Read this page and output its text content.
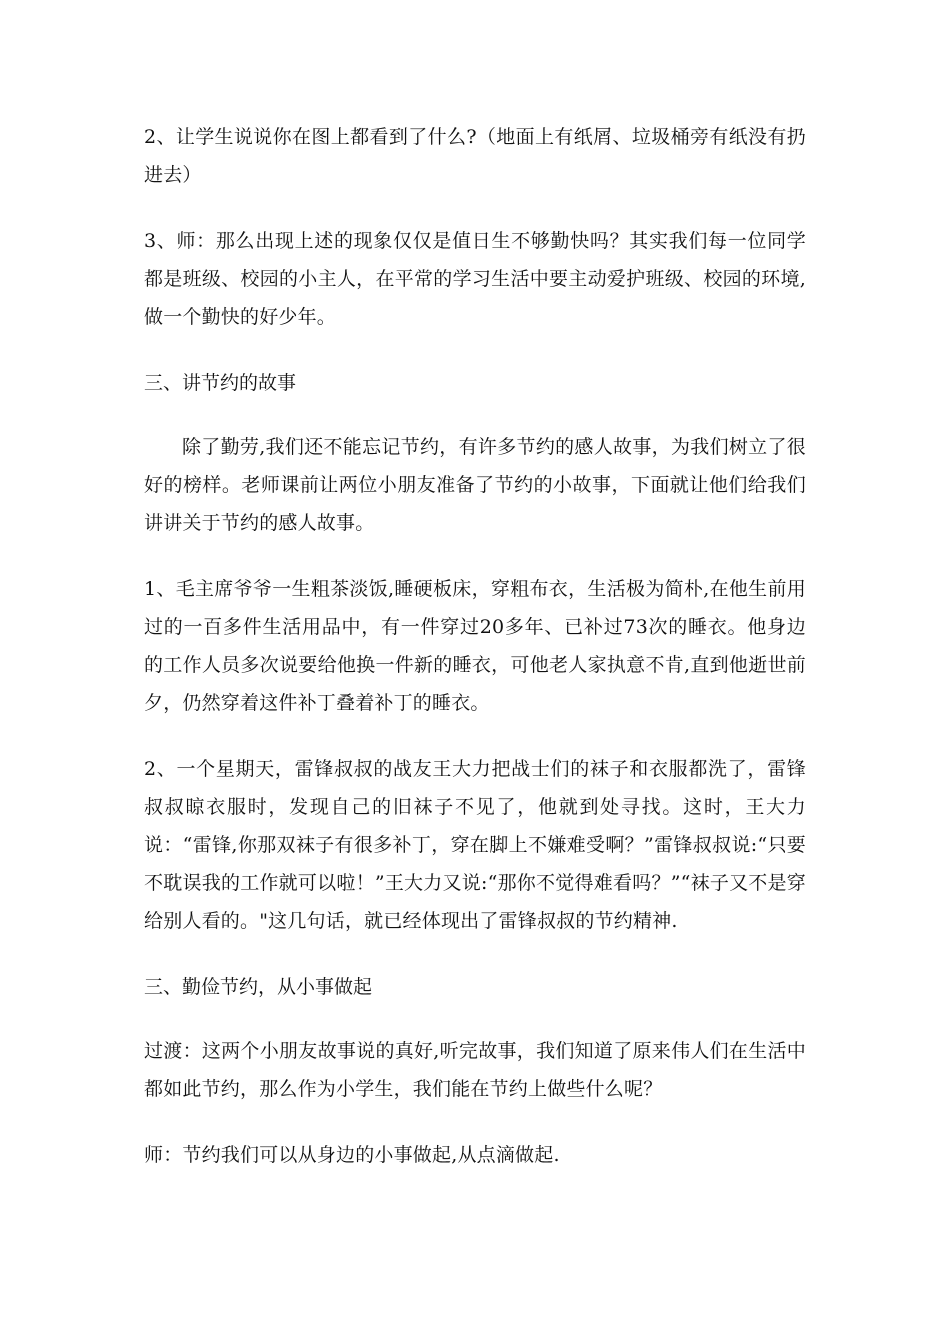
2、让学生说说你在图上都看到了什么?（地面上有纸屑、垃圾桶旁有纸没有扔进去）

3、师：那么出现上述的现象仅仅是值日生不够勤快吗？其实我们每一位同学都是班级、校园的小主人，在平常的学习生活中要主动爱护班级、校园的环境,做一个勤快的好少年。

三、讲节约的故事

除了勤劳,我们还不能忘记节约，有许多节约的感人故事，为我们树立了很好的榜样。老师课前让两位小朋友准备了节约的小故事，下面就让他们给我们讲讲关于节约的感人故事。

1、毛主席爷爷一生粗茶淡饭,睡硬板床，穿粗布衣，生活极为简朴,在他生前用过的一百多件生活用品中，有一件穿过20多年、已补过73次的睡衣。他身边的工作人员多次说要给他换一件新的睡衣，可他老人家执意不肯,直到他逝世前夕，仍然穿着这件补丁叠着补丁的睡衣。

2、一个星期天，雷锋叔叔的战友王大力把战士们的袜子和衣服都洗了，雷锋叔叔晾衣服时，发现自己的旧袜子不见了，他就到处寻找。这时，王大力说：“雷锋,你那双袜子有很多补丁，穿在脚上不嫌难受啊？”雷锋叔叔说:“只要不耽误我的工作就可以啦！”王大力又说:“那你不觉得难看吗？”“袜子又不是穿给别人看的。"这几句话，就已经体现出了雷锋叔叔的节约精神.

三、勤俭节约，从小事做起

过渡：这两个小朋友故事说的真好,听完故事，我们知道了原来伟人们在生活中都如此节约，那么作为小学生，我们能在节约上做些什么呢？

师：节约我们可以从身边的小事做起,从点滴做起.
